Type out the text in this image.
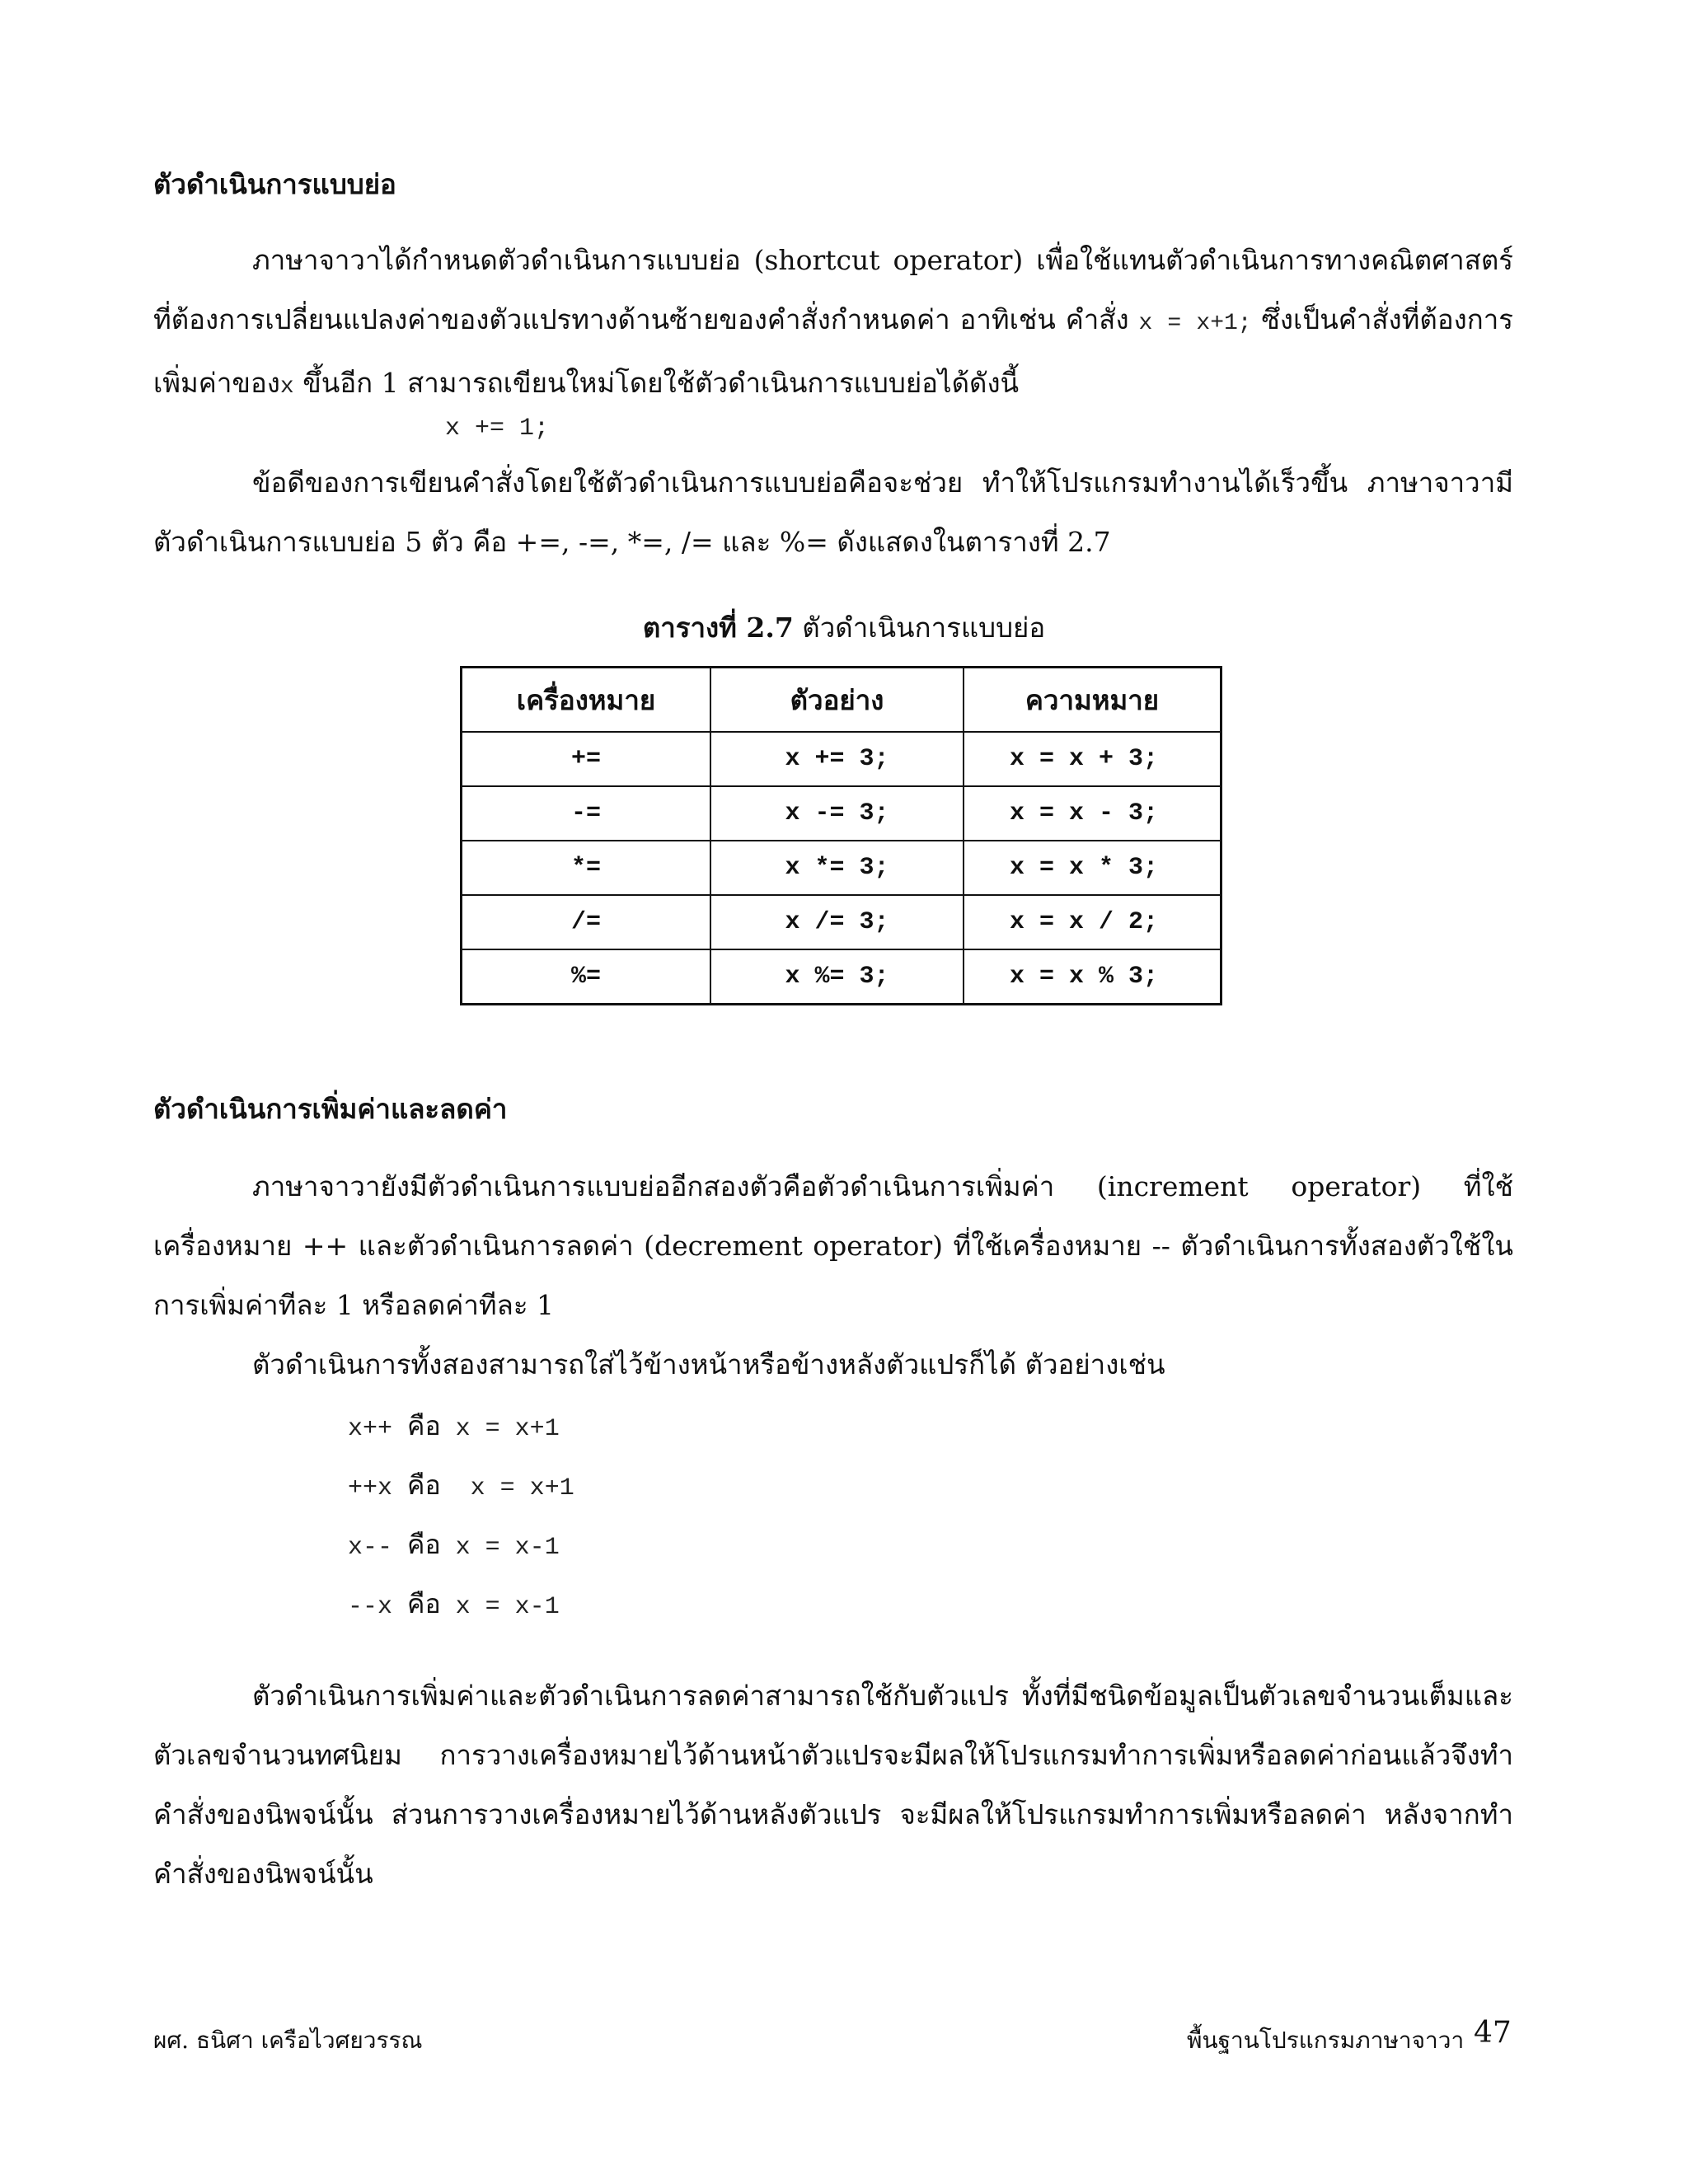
ตัวดำเนินการแบบย่อ
ภาษาจาวาได้กำหนดตัวดำเนินการแบบย่อ (shortcut operator) เพื่อใช้แทนตัวดำเนินการทางคณิตศาสตร์ ที่ต้องการเปลี่ยนแปลงค่าของตัวแปรทางด้านซ้ายของคำสั่งกำหนดค่า อาทิเช่น คำสั่ง x = x+1; ซึ่งเป็นคำสั่งที่ต้องการเพิ่มค่าของx ขึ้นอีก 1 สามารถเขียนใหม่โดยใช้ตัวดำเนินการแบบย่อได้ดังนี้
x += 1;
ข้อดีของการเขียนคำสั่งโดยใช้ตัวดำเนินการแบบย่อคือจะช่วย ทำให้โปรแกรมทำงานได้เร็วขึ้น ภาษาจาวามีตัวดำเนินการแบบย่อ 5 ตัว คือ +=, -=, *=, /= และ %= ดังแสดงในตารางที่ 2.7
ตารางที่ 2.7 ตัวดำเนินการแบบย่อ
เครื่องหมาย	ตัวอย่าง	ความหมาย
+=	x += 3;	x = x + 3;
-=	x -= 3;	x = x - 3;
*=	x *= 3;	x = x * 3;
/=	x /= 3;	x = x / 2;
%=	x %= 3;	x = x % 3;
ตัวดำเนินการเพิ่มค่าและลดค่า
ภาษาจาวายังมีตัวดำเนินการแบบย่ออีกสองตัวคือตัวดำเนินการเพิ่มค่า (increment operator) ที่ใช้เครื่องหมาย ++ และตัวดำเนินการลดค่า (decrement operator) ที่ใช้เครื่องหมาย -- ตัวดำเนินการทั้งสองตัวใช้ในการเพิ่มค่าทีละ 1 หรือลดค่าทีละ 1
ตัวดำเนินการทั้งสองสามารถใส่ไว้ข้างหน้าหรือข้างหลังตัวแปรก็ได้ ตัวอย่างเช่น
x++ คือ x = x+1
++x คือ  x = x+1
x-- คือ x = x-1
--x คือ x = x-1
ตัวดำเนินการเพิ่มค่าและตัวดำเนินการลดค่าสามารถใช้กับตัวแปร ทั้งที่มีชนิดข้อมูลเป็นตัวเลขจำนวนเต็มและตัวเลขจำนวนทศนิยม การวางเครื่องหมายไว้ด้านหน้าตัวแปรจะมีผลให้โปรแกรมทำการเพิ่มหรือลดค่าก่อนแล้วจึงทำคำสั่งของนิพจน์นั้น ส่วนการวางเครื่องหมายไว้ด้านหลังตัวแปร จะมีผลให้โปรแกรมทำการเพิ่มหรือลดค่า หลังจากทำคำสั่งของนิพจน์นั้น
ผศ. ธนิศา เครือไวศยวรรณ	พื้นฐานโปรแกรมภาษาจาวา 47
